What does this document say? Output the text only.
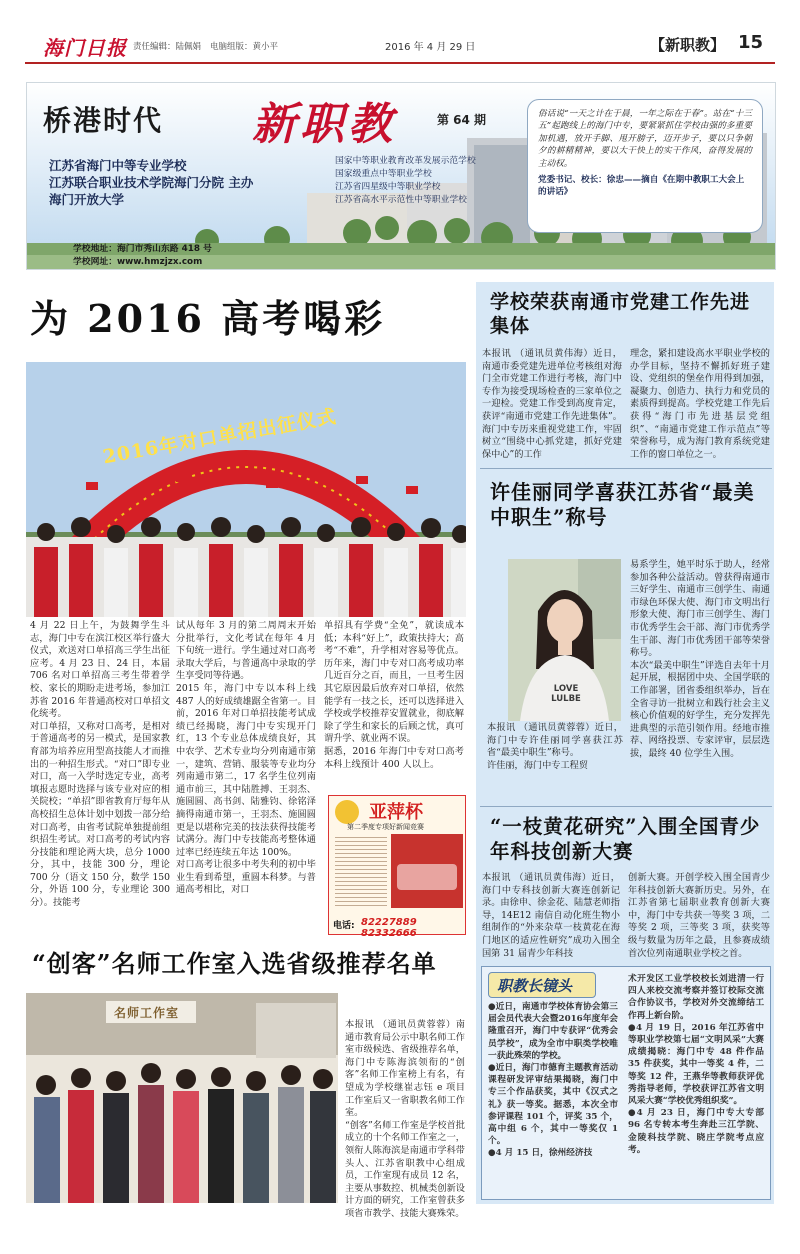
海门日报 责任编辑：陆佩娟 电脑组版：黄小平	2016 年 4 月 29 日	【新职教】 15
桥港时代 新职教	第 64 期
江苏省海门中等专业学校
江苏联合职业技术学院海门分院 主办
海门开放大学
国家中等职业教育改革发展示范学校
国家级重点中等职业学校
江苏省四星级中等职业学校
江苏省高水平示范性中等职业学校
学校地址：海门市秀山东路 418 号
学校网址：www.hmzjzx.com
俗话说“一天之计在于晨，一年之际在于春”。站在“十三五”起跑线上的海门中专，要紧紧抓住学校由强的多重要加机遇，放开手脚、甩开膀子，迈开步子，要以只争朝夕的耕精精神，要以大干快上的实干作风，奋得发展的主动权。
党委书记、校长：徐忠——摘自《在期中教职工大会上的讲话》
为 2016 高考喝彩
2016年对口单招出征仪式

4 月 22 日上午，为鼓舞学生斗志，海门中专在滨江校区举行盛大仪式，欢送对口单招高三学生出征应考。4 月 23 日、24 日，本届 706 名对口单招高三考生带着学校、家长的期盼走进考场，参加江苏省 2016 年普通高校对口单招文化统考。
对口单招，又称对口高考，是相对于普通高考的另一模式，是国家教育部为培养应用型高技能人才而推出的一种招生形式。“对口”即专业对口，高一入学时选定专业，高考填报志愿时选择与该专业对应的相关院校；“单招”即省教育厅每年从高校招生总体计划中划拨一部分给对口高考，由省考试院单独提前组织招生考试。对口高考的考试内容分技能和理论两大块，总分 1000 分，其中，技能 300 分，理论 700 分（语文 150 分，数学 150 分，外语 100 分，专业理论 300 分）。技能考

试从每年 3 月的第二周周末开始分批举行，文化考试在每年 4 月下旬统一进行。学生通过对口高考录取大学后，与普通高中录取的学生享受同等待遇。
2015 年，海门中专以本科上线 487 人的好成绩雄踞全省第一。目前，2016 年对口单招技能考试成绩已经揭晓，海门中专实现开门红，13 个专业总体成绩良好，其中农学、艺术专业均分列南通市第一，建筑、营销、服装等专业均分列南通市第二，17 名学生位列南通市前三，其中陆胜搏、王羽杰、施圆圆、高书剑、陆雅钧、徐铭泽摘得南通市第一，王羽杰、施圆圆更是以堪称完美的技法获得技能考试满分。海门中专技能高考整体通过率已经连续五年达 100%。
对口高考让很多中考失利的初中毕业生看到希望，重圆本科梦。与普通高考相比，对口

单招具有学费“全免”，就读成本低；本科“好上”，政策扶持大；高考“不难”，升学相对容易等优点。历年来，海门中专对口高考成功率几近百分之百，而且，一旦考生因其它原因最后放弃对口单招，依然能学有一技之长，还可以选择进入学校或学校推荐安置就业，彻底解除了学生和家长的后顾之忧，真可谓升学、就业两不误。
据悉，2016 年海门中专对口高考本科上线预计 400 人以上。

亚萍杯
第二季度专项好新闻竞赛
电话: 82227889 82332666
“创客”名师工作室入选省级推荐名单
名师工作室

本报讯 （通讯员黄蓉蓉）南通市教育局公示中职名师工作室市级候选、省级推荐名单，海门中专陈海滨领衔的“创客”名师工作室榜上有名，有望成为学校继崔志钰 e 项目工作室后又一省职教名师工作室。
“创客”名师工作室是学校首批成立的十个名师工作室之一，领衔人陈海滨是南通市学科带头人、江苏省职教中心组成员，工作室现有成员 12 名，主要从事数控、机械类创新设计方面的研究，工作室曾获多项省市教学、技能大赛殊荣。

学校荣获南通市党建工作先进集体

本报讯 （通讯员黄伟海）近日，南通市委党建先进单位考核组对海门全市党建工作进行考核，海门中专作为接受现场检查的三家单位之一迎检。党建工作受到高度肯定，获评“南通市党建工作先进集体”。海门中专历来重视党建工作，牢固树立“围绕中心抓党建，抓好党建保中心”的工作

理念，紧扣建设高水平职业学校的办学目标，坚持不懈抓好班子建设、党组织的堡垒作用得到加强，凝聚力、创造力、执行力和党员的素质得到提高。学校党建工作先后获得“海门市先进基层党组织”、“南通市党建工作示范点”等荣誉称号，成为海门教育系统党建工作的窗口单位之一。

许佳丽同学喜获江苏省“最美中职生”称号
LOVE LULBE

本报讯 （通讯员黄蓉蓉）近日，海门中专许佳丽同学喜获江苏省“最美中职生”称号。
许佳丽，海门中专工程贸

易系学生，她平时乐于助人，经常参加各种公益活动。曾获得南通市三好学生、南通市三创学生、南通市绿色环保大使、海门市文明出行形象大使、海门市三创学生、海门市优秀学生会干部、海门市优秀学生干部、海门市优秀团干部等荣誉称号。
本次“最美中职生”评选自去年十月起开展，根据团中央、全国学联的工作部署，团省委组织举办，旨在全省寻访一批树立和践行社会主义核心价值观的好学生，充分发挥先进典型的示范引领作用。经地市推荐、网络投票、专家评审，层层选拔，最终 40 位学生入围。

“一枝黄花研究”入围全国青少年科技创新大赛

本报讯 （通讯员黄伟海）近日，海门中专科技创新大赛连创新记录。由徐申、徐金花、陆慧老师指导，14E12 南信自动化班生物小组制作的“外来杂草一枝黄花在海门地区的适应性研究”成功入围全国第 31 届青少年科技

创新大赛。开创学校入围全国青少年科技创新大赛新历史。另外，在江苏省第七届职业教育创新大赛中，海门中专共获一等奖 3 项，二等奖 2 项，三等奖 3 项，获奖等级与数量为历年之最，且参赛成绩首次位列南通职业学校之首。

职教长镜头

●近日，南通市学校体育协会第三届会员代表大会暨2016年度年会隆重召开，海门中专获评“优秀会员学校”，成为全市中职类学校唯一获此殊荣的学校。
●近日，海门市德育主题教育活动课程研发评审结果揭晓，海门中专三个作品获奖，其中《汉式之礼》获一等奖。据悉，本次全市参评课程 101 个，评奖 35 个，高中组 6 个，其中一等奖仅 1 个。
●4 月 15 日，徐州经济技

术开发区工业学校校长刘进清一行四人来校交流考察并签订校际交流合作协议书，学校对外交流缔结工作再上新台阶。
●4 月 19 日，2016 年江苏省中等职业学校第七届“文明风采”大赛成绩揭晓：海门中专 48 件作品 35 件获奖，其中一等奖 4 件，二等奖 12 件，王燕华等教师获评优秀指导老师，学校获评江苏省文明风采大赛“学校优秀组织奖”。
●4 月 23 日，海门中专大专部 96 名专转本考生奔赴三江学院、金陵科技学院、晓庄学院考点应考。
